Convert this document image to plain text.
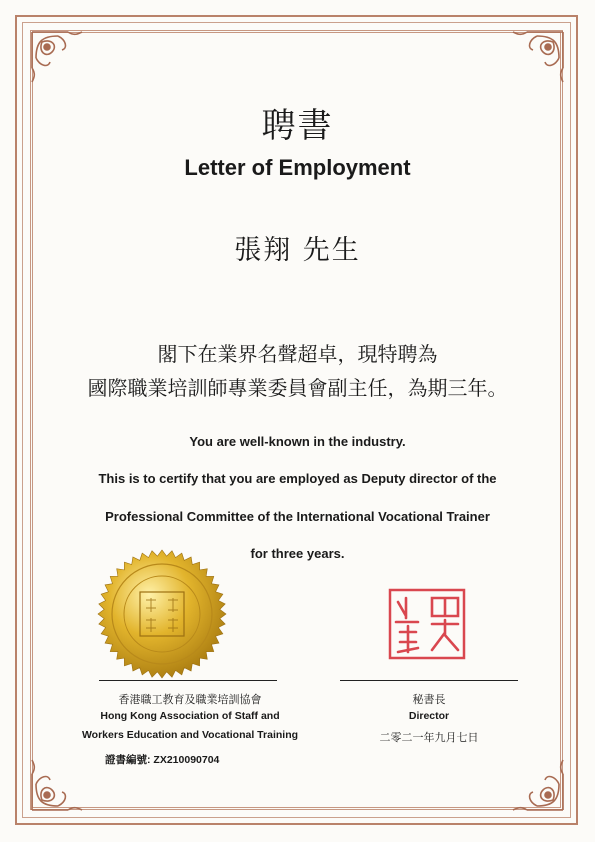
聘書
Letter of Employment
張翔 先生
閣下在業界名聲超卓，現特聘為
國際職業培訓師專業委員會副主任，為期三年。
You are well-known in the industry.
This is to certify that you are employed as Deputy director of the
Professional Committee of the International Vocational Trainer
for three years.
香港職工教育及職業培訓協會
Hong Kong Association of Staff and
Workers Education and Vocational Training
證書編號: ZX210090704
秘書長
Director
二零二一年九月七日
